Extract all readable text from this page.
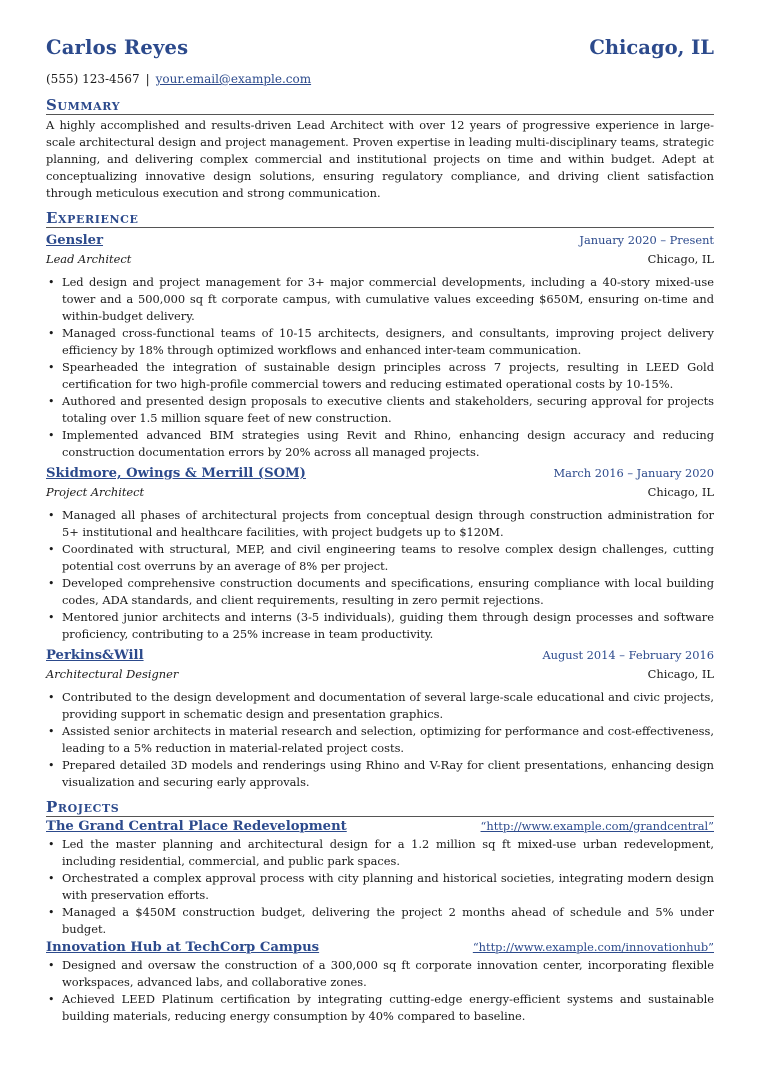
Carlos Reyes	Chicago, IL
(555) 123-4567 | your.email@example.com
Summary

A highly accomplished and results-driven Lead Architect with over 12 years of progressive experience in large-scale architectural design and project management. Proven expertise in leading multi-disciplinary teams, strategic planning, and delivering complex commercial and institutional projects on time and within budget. Adept at conceptualizing innovative design solutions, ensuring regulatory compliance, and driving client satisfaction through meticulous execution and strong communication.

Experience
Gensler	January 2020 – Present
Lead Architect	Chicago, IL
• Led design and project management for 3+ major commercial developments, including a 40-story mixed-use tower and a 500,000 sq ft corporate campus, with cumulative values exceeding $650M, ensuring on-time and within-budget delivery.
• Managed cross-functional teams of 10-15 architects, designers, and consultants, improving project delivery efficiency by 18% through optimized workflows and enhanced inter-team communication.
• Spearheaded the integration of sustainable design principles across 7 projects, resulting in LEED Gold certification for two high-profile commercial towers and reducing estimated operational costs by 10-15%.
• Authored and presented design proposals to executive clients and stakeholders, securing approval for projects totaling over 1.5 million square feet of new construction.
• Implemented advanced BIM strategies using Revit and Rhino, enhancing design accuracy and reducing construction documentation errors by 20% across all managed projects.
Skidmore, Owings & Merrill (SOM)	March 2016 – January 2020
Project Architect	Chicago, IL
• Managed all phases of architectural projects from conceptual design through construction administration for 5+ institutional and healthcare facilities, with project budgets up to $120M.
• Coordinated with structural, MEP, and civil engineering teams to resolve complex design challenges, cutting potential cost overruns by an average of 8% per project.
• Developed comprehensive construction documents and specifications, ensuring compliance with local building codes, ADA standards, and client requirements, resulting in zero permit rejections.
• Mentored junior architects and interns (3-5 individuals), guiding them through design processes and software proficiency, contributing to a 25% increase in team productivity.
Perkins&Will	August 2014 – February 2016
Architectural Designer	Chicago, IL
• Contributed to the design development and documentation of several large-scale educational and civic projects, providing support in schematic design and presentation graphics.
• Assisted senior architects in material research and selection, optimizing for performance and cost-effectiveness, leading to a 5% reduction in material-related project costs.
• Prepared detailed 3D models and renderings using Rhino and V-Ray for client presentations, enhancing design visualization and securing early approvals.
Projects
The Grand Central Place Redevelopment	“http://www.example.com/grandcentral”
• Led the master planning and architectural design for a 1.2 million sq ft mixed-use urban redevelopment, including residential, commercial, and public park spaces.
• Orchestrated a complex approval process with city planning and historical societies, integrating modern design with preservation efforts.
• Managed a $450M construction budget, delivering the project 2 months ahead of schedule and 5% under budget.
Innovation Hub at TechCorp Campus	“http://www.example.com/innovationhub”
• Designed and oversaw the construction of a 300,000 sq ft corporate innovation center, incorporating flexible workspaces, advanced labs, and collaborative zones.
• Achieved LEED Platinum certification by integrating cutting-edge energy-efficient systems and sustainable building materials, reducing energy consumption by 40% compared to baseline.
